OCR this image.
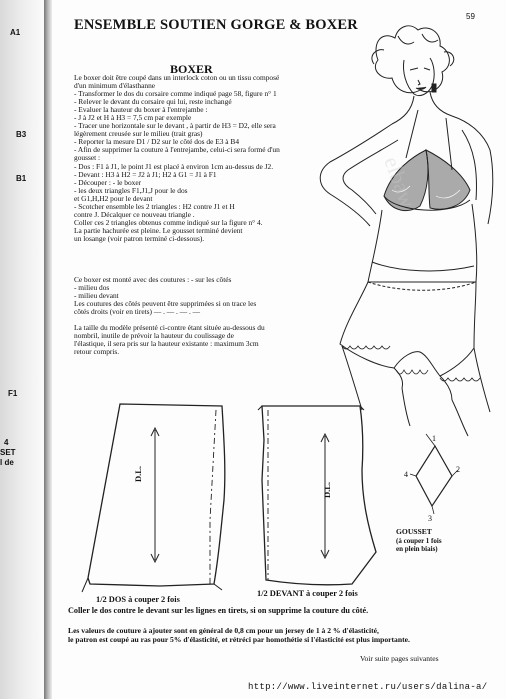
A1
B3
B1
F1
4
SET
l de
ENSEMBLE SOUTIEN GORGE & BOXER
59
BOXER
Le boxer doit être coupé dans un interlock coton ou un tissu composé
d'un minimum d'élasthanne
- Transformer le dos du corsaire comme indiqué page 58, figure n° 1
- Relever le devant du corsaire qui lui, reste inchangé
- Evaluer la hauteur du boxer à l'entrejambe :
- J à J2 et H à H3 = 7,5 cm par exemple
- Tracer une horizontale sur le devant , à partir de H3 = D2, elle sera
légèrement creusée sur le milieu (trait gras)
- Reporter la mesure D1 / D2 sur le côté dos de E3 à B4
- Afin de supprimer la couture à l'entrejambe, celui-ci sera formé d'un
gousset :
- Dos : F1 à J1, le point J1 est placé à environ 1cm au-dessus de J2.
- Devant : H3 à H2 = J2 à J1; H2 à G1 = J1 à F1
- Découper : - le boxer
- les deux triangles F1,J1,J pour le dos
et G1,H,H2 pour le devant
- Scotcher ensemble les 2 triangles : H2 contre J1 et H
contre J. Décalquer ce nouveau triangle .
Coller ces 2 triangles obtenus comme indiqué sur la figure n° 4.
La partie hachurée est pleine. Le gousset terminé devient
un losange (voir patron terminé ci-dessous).
Ce boxer est monté avec des coutures : - sur les côtés
- milieu dos
- milieu devant
Les coutures des côtés peuvent être supprimées si on trace les
côtés droits (voir en tirets) — . — . — . —
La taille du modèle présenté ci-contre étant située au-dessous du
nombril, inutile de prévoir la hauteur du coulissage de
l'élastique, il sera pris sur la hauteur existante : maximum 3cm
retour compris.
elbaw
D.L.
D.L.
1
2
3
4
GOUSSET
(à couper 1 fois
en plein biais)
1/2 DOS à couper 2 fois
1/2 DEVANT à couper 2 fois
Coller le dos contre le devant sur les lignes en tirets, si on supprime la couture du côté.
Les valeurs de couture à ajouter sont en général de 0,8 cm pour un jersey de 1 à 2 % d'élasticité,
le patron est coupé au ras pour 5% d'élasticité, et rétréci par homothétie si l'élasticité est plus importante.
Voir suite pages suivantes
http://www.liveinternet.ru/users/dalina-a/
